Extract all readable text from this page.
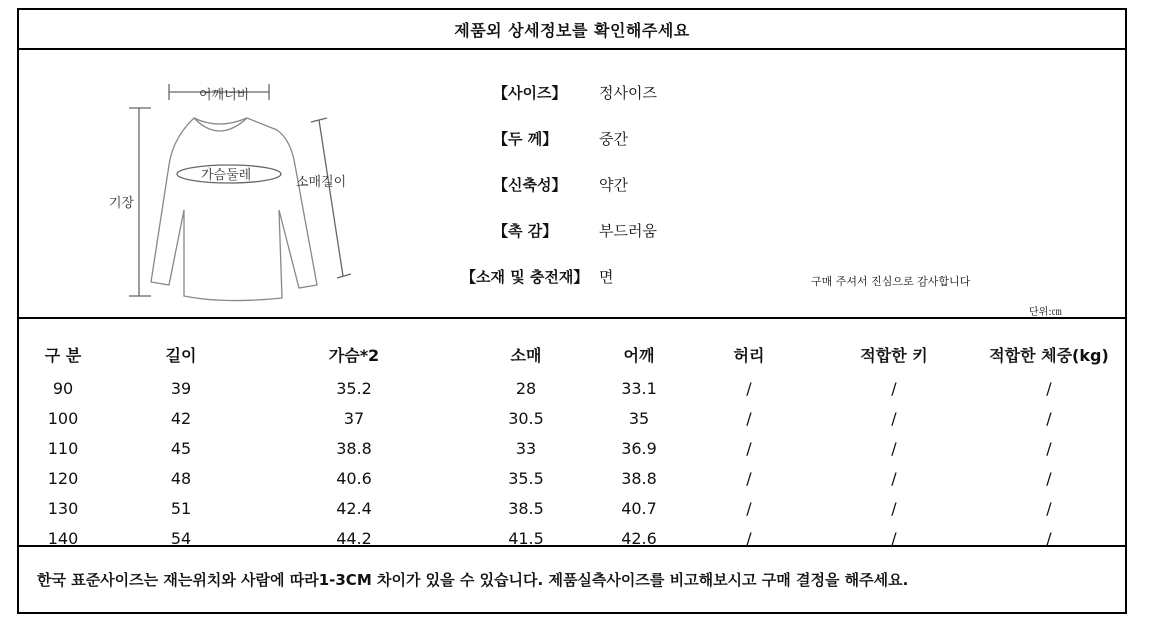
제품외 상세정보를 확인해주세요
어깨너비
가슴둘레
기장
소매길이
【사이즈】 정사이즈
【두 께】	중간
【신축성】 약간
【촉 감】	부드러움
【소재 및 충전재】 면	구매 주셔서 진심으로 감사합니다
단위:㎝
구 분	길이	가슴*2	소매	어깨	허리	적합한 키	적합한 체중(kg)
90	39	35.2	28	33.1	/	/	/
100	42	37	30.5	35	/	/	/
110	45	38.8	33	36.9	/	/	/
120	48	40.6	35.5	38.8	/	/	/
130	51	42.4	38.5	40.7	/	/	/
140	54	44.2	41.5	42.6	/	/	/
한국 표준사이즈는 재는위치와 사람에 따라1-3CM 차이가 있을 수 있습니다. 제품실측사이즈를 비고해보시고 구매 결정을 해주세요.
